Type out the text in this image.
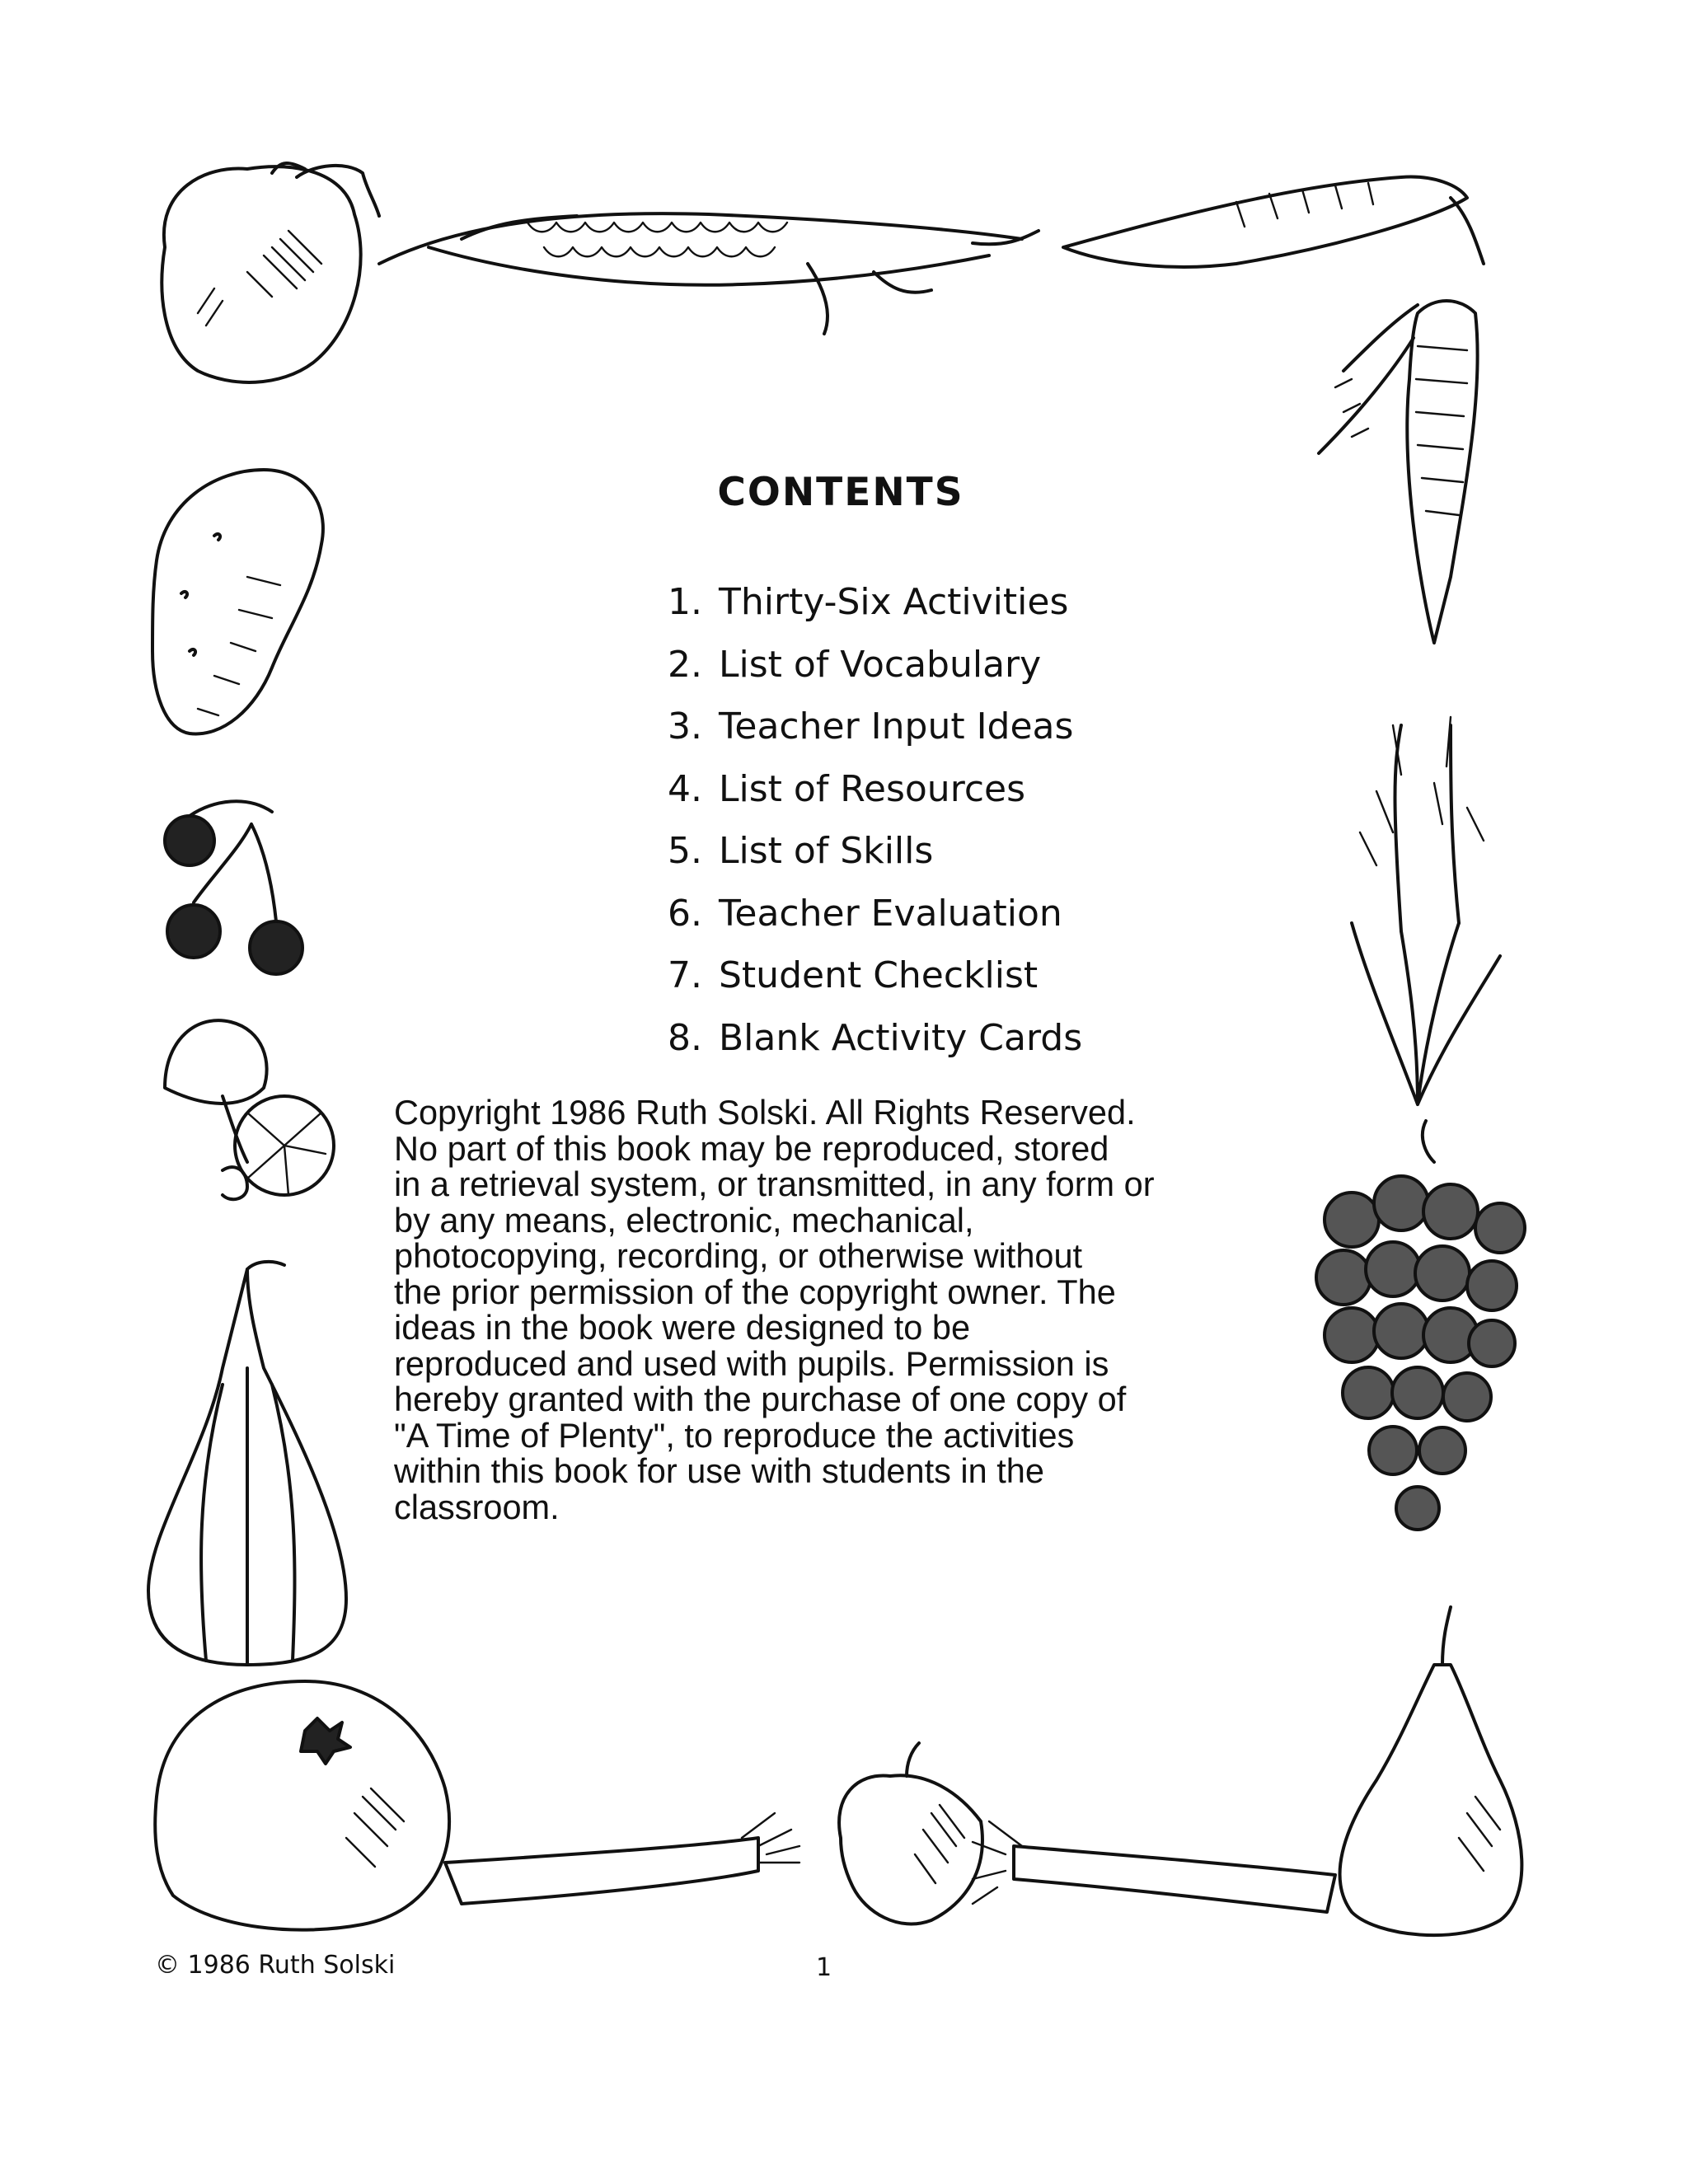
CONTENTS
1. Thirty-Six Activities
2. List of Vocabulary
3. Teacher Input Ideas
4. List of Resources
5. List of Skills
6. Teacher Evaluation
7. Student Checklist
8. Blank Activity Cards

Copyright 1986 Ruth Solski. All Rights Reserved.
No part of this book may be reproduced, stored
in a retrieval system, or transmitted, in any form or
by any means, electronic, mechanical,
photocopying, recording, or otherwise without
the prior permission of the copyright owner. The
ideas in the book were designed to be
reproduced and used with pupils. Permission is
hereby granted with the purchase of one copy of
"A Time of Plenty", to reproduce the activities
within this book for use with students in the
classroom.

© 1986 Ruth Solski	1
